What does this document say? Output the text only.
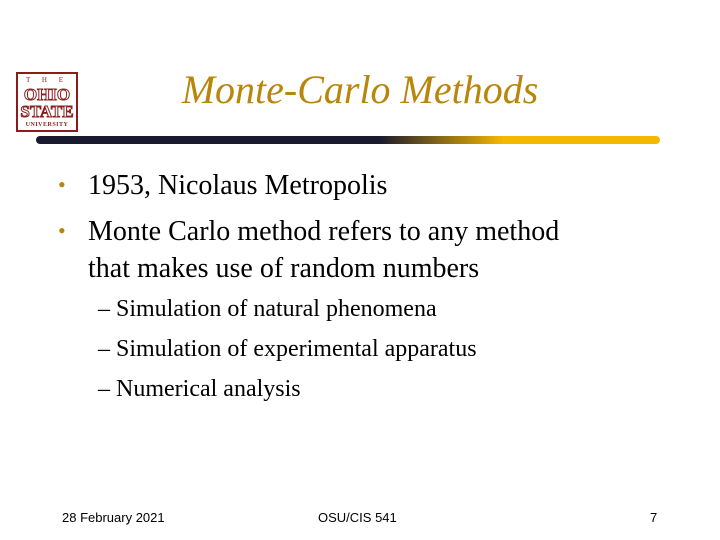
T H E
OHIO
STATE
UNIVERSITY
Monte-Carlo Methods
• 1953, Nicolaus Metropolis
• Monte Carlo method refers to any method
that makes use of random numbers
– Simulation of natural phenomena
– Simulation of experimental apparatus
– Numerical analysis
28 February 2021	OSU/CIS 541	7
